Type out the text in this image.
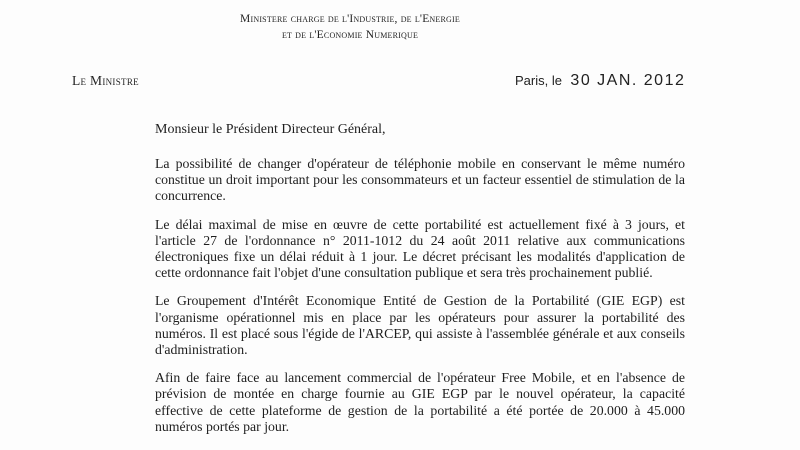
Ministere charge de l'Industrie, de l'Energie
et de l'Economie Numerique
Le Ministre	Paris, le 30 JAN. 2012
Monsieur le Président Directeur Général,

La possibilité de changer d'opérateur de téléphonie mobile en conservant le même numéro constitue un droit important pour les consommateurs et un facteur essentiel de stimulation de la concurrence.

Le délai maximal de mise en œuvre de cette portabilité est actuellement fixé à 3 jours, et l'article 27 de l'ordonnance n° 2011-1012 du 24 août 2011 relative aux communications électroniques fixe un délai réduit à 1 jour. Le décret précisant les modalités d'application de cette ordonnance fait l'objet d'une consultation publique et sera très prochainement publié.

Le Groupement d'Intérêt Economique Entité de Gestion de la Portabilité (GIE EGP) est l'organisme opérationnel mis en place par les opérateurs pour assurer la portabilité des numéros. Il est placé sous l'égide de l'ARCEP, qui assiste à l'assemblée générale et aux conseils d'administration.

Afin de faire face au lancement commercial de l'opérateur Free Mobile, et en l'absence de prévision de montée en charge fournie au GIE EGP par le nouvel opérateur, la capacité effective de cette plateforme de gestion de la portabilité a été portée de 20.000 à 45.000 numéros portés par jour.
